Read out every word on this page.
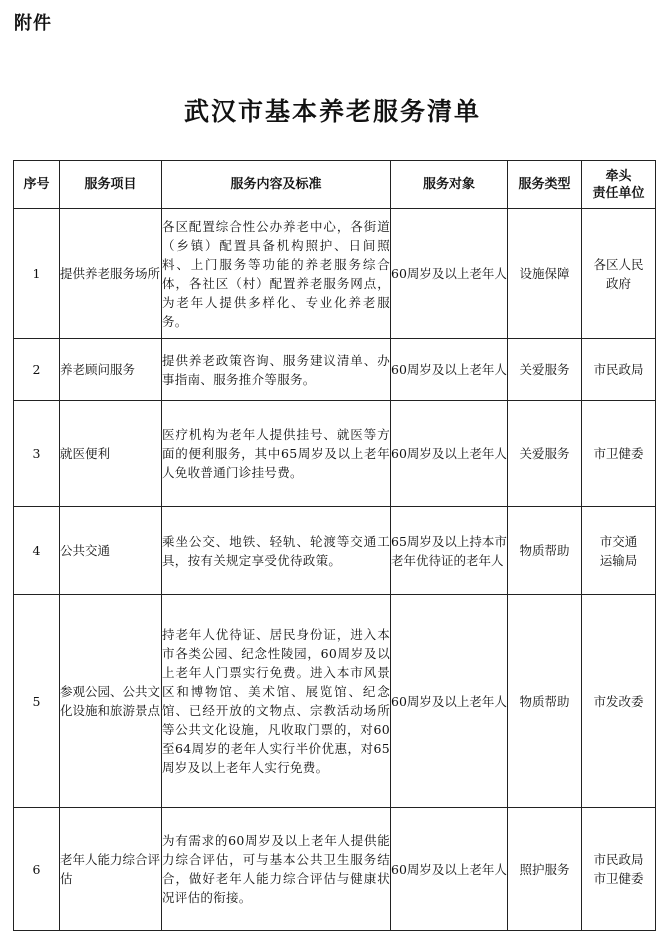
附件
武汉市基本养老服务清单
序号	服务项目	服务内容及标准	服务对象	服务类型	牵头
责任单位
1	提供养老服务场所	各区配置综合性公办养老中心，各街道（乡镇）配置具备机构照护、日间照料、上门服务等功能的养老服务综合体，各社区（村）配置养老服务网点，为老年人提供多样化、专业化养老服务。	60周岁及以上老年人	设施保障	各区人民
政府
2	养老顾问服务	提供养老政策咨询、服务建议清单、办事指南、服务推介等服务。	60周岁及以上老年人	关爱服务	市民政局
3	就医便利	医疗机构为老年人提供挂号、就医等方面的便利服务，其中65周岁及以上老年人免收普通门诊挂号费。	60周岁及以上老年人	关爱服务	市卫健委
4	公共交通	乘坐公交、地铁、轻轨、轮渡等交通工具，按有关规定享受优待政策。	65周岁及以上持本市老年优待证的老年人	物质帮助	市交通
运输局
5	参观公园、公共文化设施和旅游景点	持老年人优待证、居民身份证，进入本市各类公园、纪念性陵园，60周岁及以上老年人门票实行免费。进入本市风景区和博物馆、美术馆、展览馆、纪念馆、已经开放的文物点、宗教活动场所等公共文化设施，凡收取门票的，对60至64周岁的老年人实行半价优惠，对65周岁及以上老年人实行免费。	60周岁及以上老年人	物质帮助	市发改委
6	老年人能力综合评估	为有需求的60周岁及以上老年人提供能力综合评估，可与基本公共卫生服务结合，做好老年人能力综合评估与健康状况评估的衔接。	60周岁及以上老年人	照护服务	市民政局
市卫健委
